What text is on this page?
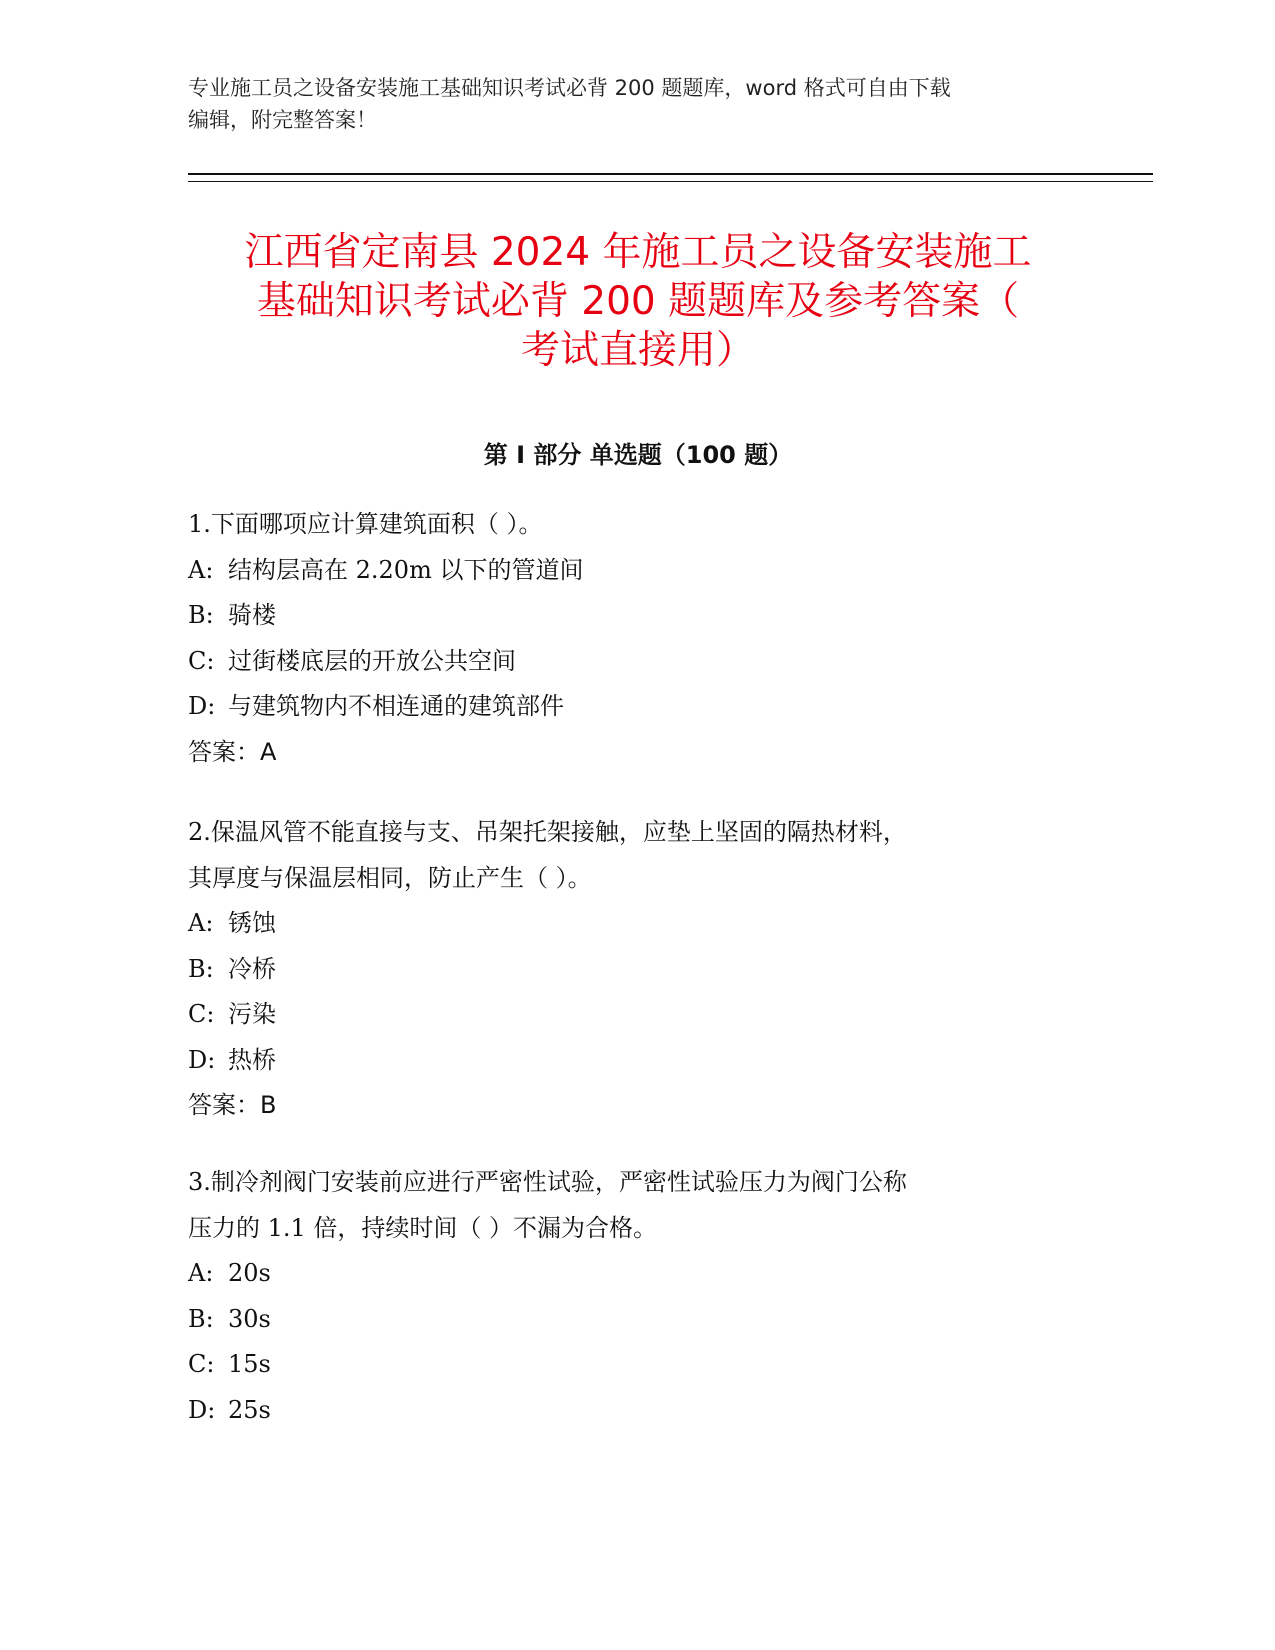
专业施工员之设备安装施工基础知识考试必背 200 题题库，word 格式可自由下载
编辑，附完整答案！
江西省定南县 2024 年施工员之设备安装施工
基础知识考试必背 200 题题库及参考答案（
考试直接用）
第 I 部分 单选题（100 题）
1.下面哪项应计算建筑面积（ ）。
A: 结构层高在 2.20m 以下的管道间
B: 骑楼
C: 过街楼底层的开放公共空间
D: 与建筑物内不相连通的建筑部件
答案：A
2.保温风管不能直接与支、吊架托架接触，应垫上坚固的隔热材料，
其厚度与保温层相同，防止产生（ ）。
A: 锈蚀
B: 冷桥
C: 污染
D: 热桥
答案：B
3.制冷剂阀门安装前应进行严密性试验，严密性试验压力为阀门公称
压力的 1.1 倍，持续时间（ ）不漏为合格。
A: 20s
B: 30s
C: 15s
D: 25s
